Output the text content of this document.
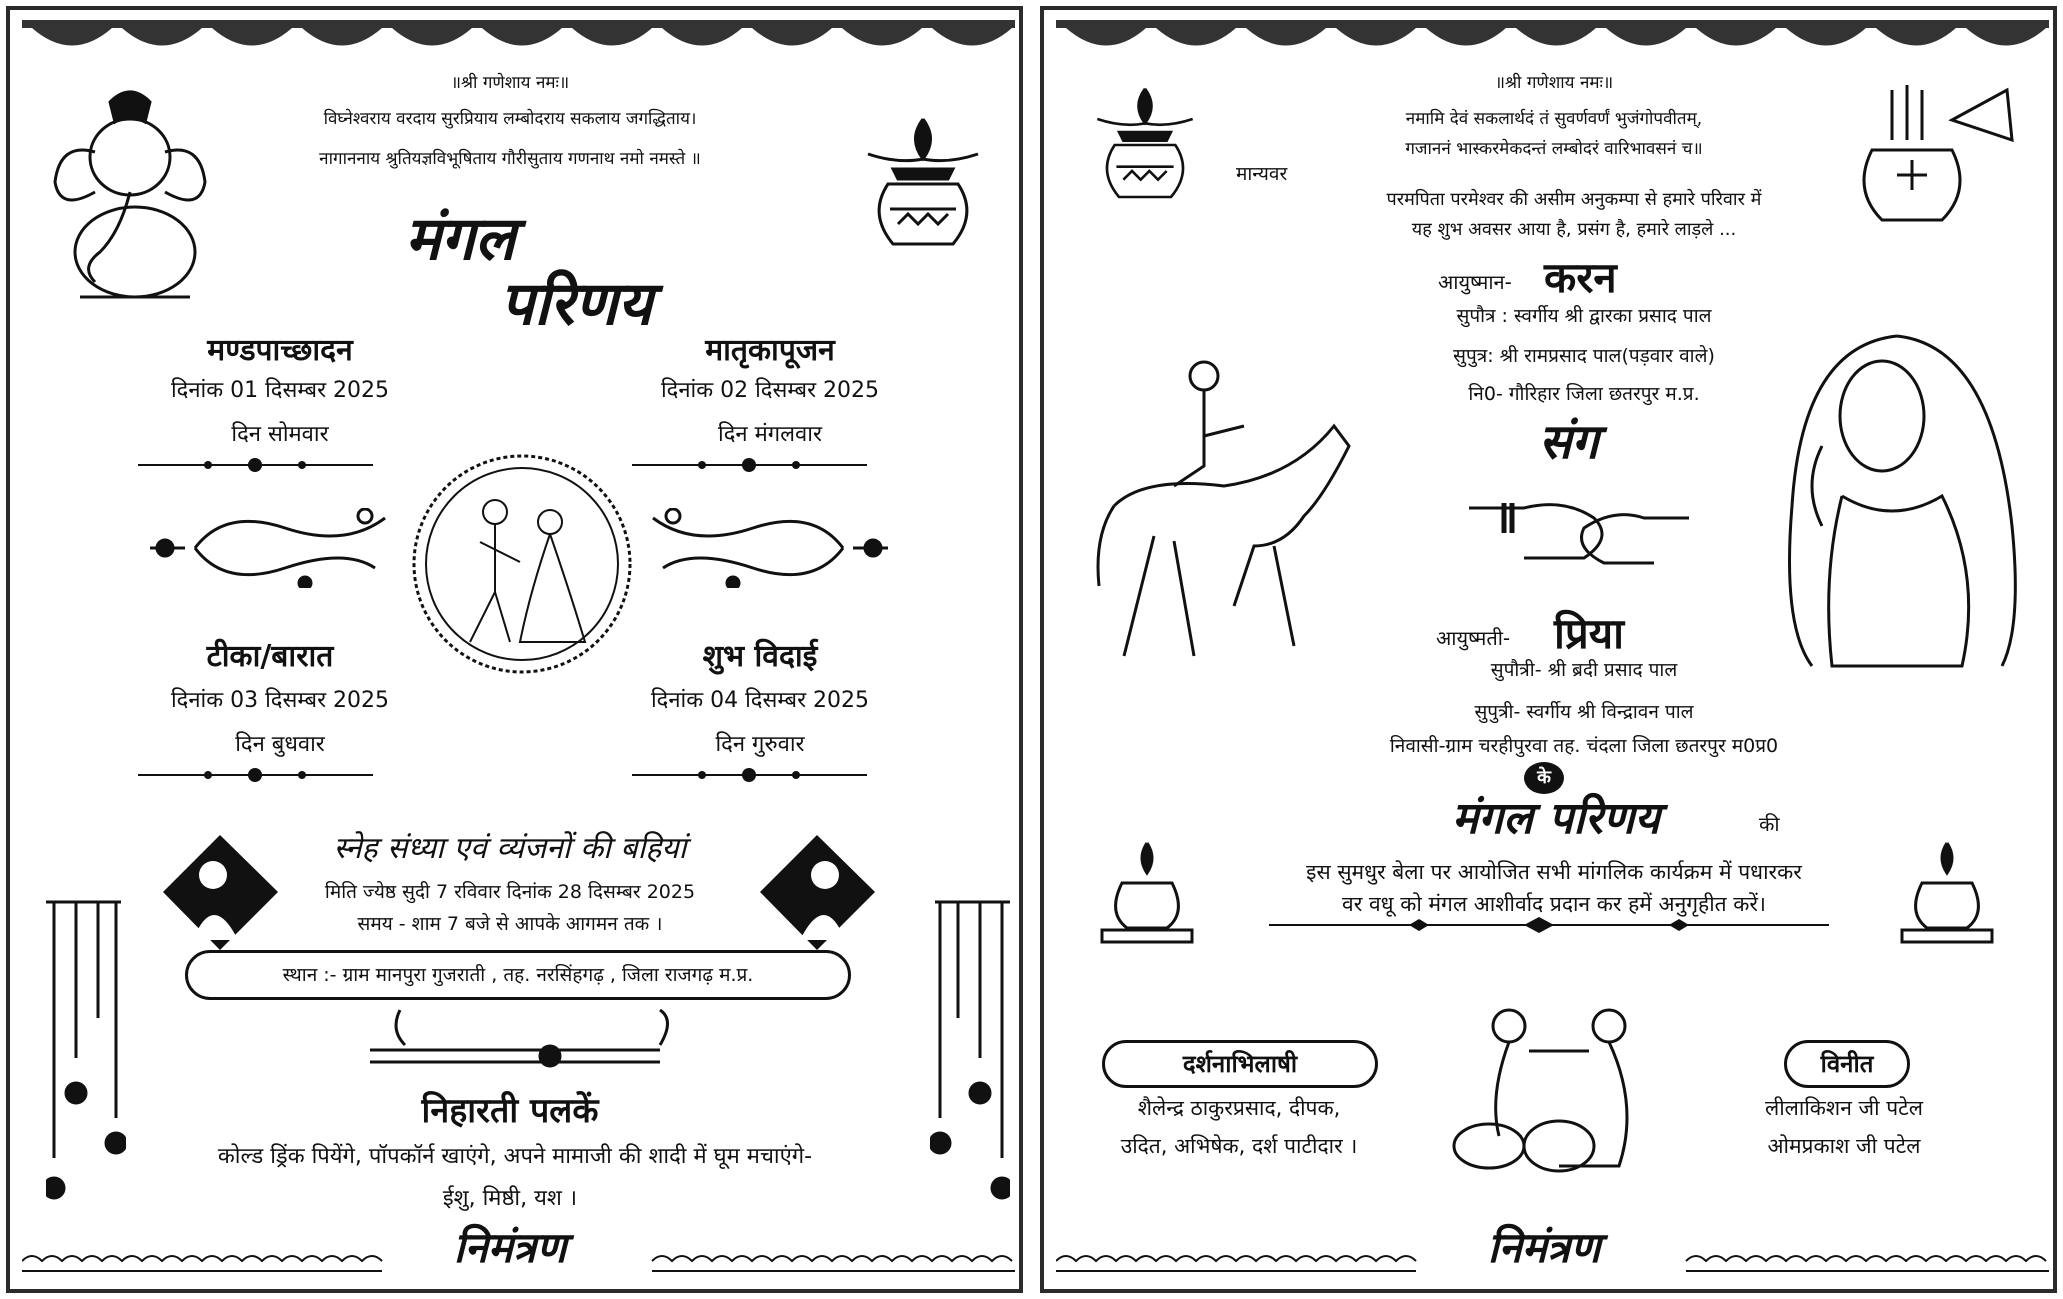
॥श्री गणेशाय नमः॥
विघ्नेश्वराय वरदाय सुरप्रियाय लम्बोदराय सकलाय जगद्धिताय।
नागाननाय श्रुतियज्ञविभूषिताय गौरीसुताय गणनाथ नमो नमस्ते ॥
मंगल
परिणय
मण्डपाच्छादन
दिनांक 01 दिसम्बर 2025
दिन सोमवार
मातृकापूजन
दिनांक 02 दिसम्बर 2025
दिन मंगलवार
टीका/बारात
दिनांक 03 दिसम्बर 2025
दिन बुधवार
शुभ विदाई
दिनांक 04 दिसम्बर 2025
दिन गुरुवार
स्नेह संध्या एवं व्यंजनों की बहियां
मिति ज्येष्ठ सुदी 7 रविवार दिनांक 28 दिसम्बर 2025
समय - शाम 7 बजे से आपके आगमन तक ।
स्थान :- ग्राम मानपुरा गुजराती , तह. नरसिंहगढ़ , जिला राजगढ़ म.प्र.
निहारती पलकें
कोल्ड ड्रिंक पियेंगे, पॉपकॉर्न खाएंगे, अपने मामाजी की शादी में घूम मचाएंगे-
ईशु, मिष्ठी, यश ।
निमंत्रण
॥श्री गणेशाय नमः॥
नमामि देवं सकलार्थदं तं सुवर्णवर्णं भुजंगोपवीतम्,
गजाननं भास्करमेकदन्तं लम्बोदरं वारिभावसनं च॥
मान्यवर
परमपिता परमेश्वर की असीम अनुकम्पा से हमारे परिवार में
यह शुभ अवसर आया है, प्रसंग है, हमारे लाड़ले ...
आयुष्मान- करन
सुपौत्र : स्वर्गीय श्री द्वारका प्रसाद पाल
सुपुत्र: श्री रामप्रसाद पाल(पड़वार वाले)
नि0- गौरिहार जिला छतरपुर म.प्र.
संग
आयुष्मती- प्रिया
सुपौत्री- श्री ब्रदी प्रसाद पाल
सुपुत्री- स्वर्गीय श्री विन्द्रावन पाल
निवासी-ग्राम चरहीपुरवा तह. चंदला जिला छतरपुर म0प्र0
के
मंगल परिणय	की
इस सुमधुर बेला पर आयोजित सभी मांगलिक कार्यक्रम में पधारकर
वर वधू को मंगल आशीर्वाद प्रदान कर हमें अनुगृहीत करें।
दर्शनाभिलाषी
शैलेन्द्र ठाकुरप्रसाद, दीपक,
उदित, अभिषेक, दर्श पाटीदार ।
विनीत
लीलाकिशन जी पटेल
ओमप्रकाश जी पटेल
निमंत्रण
